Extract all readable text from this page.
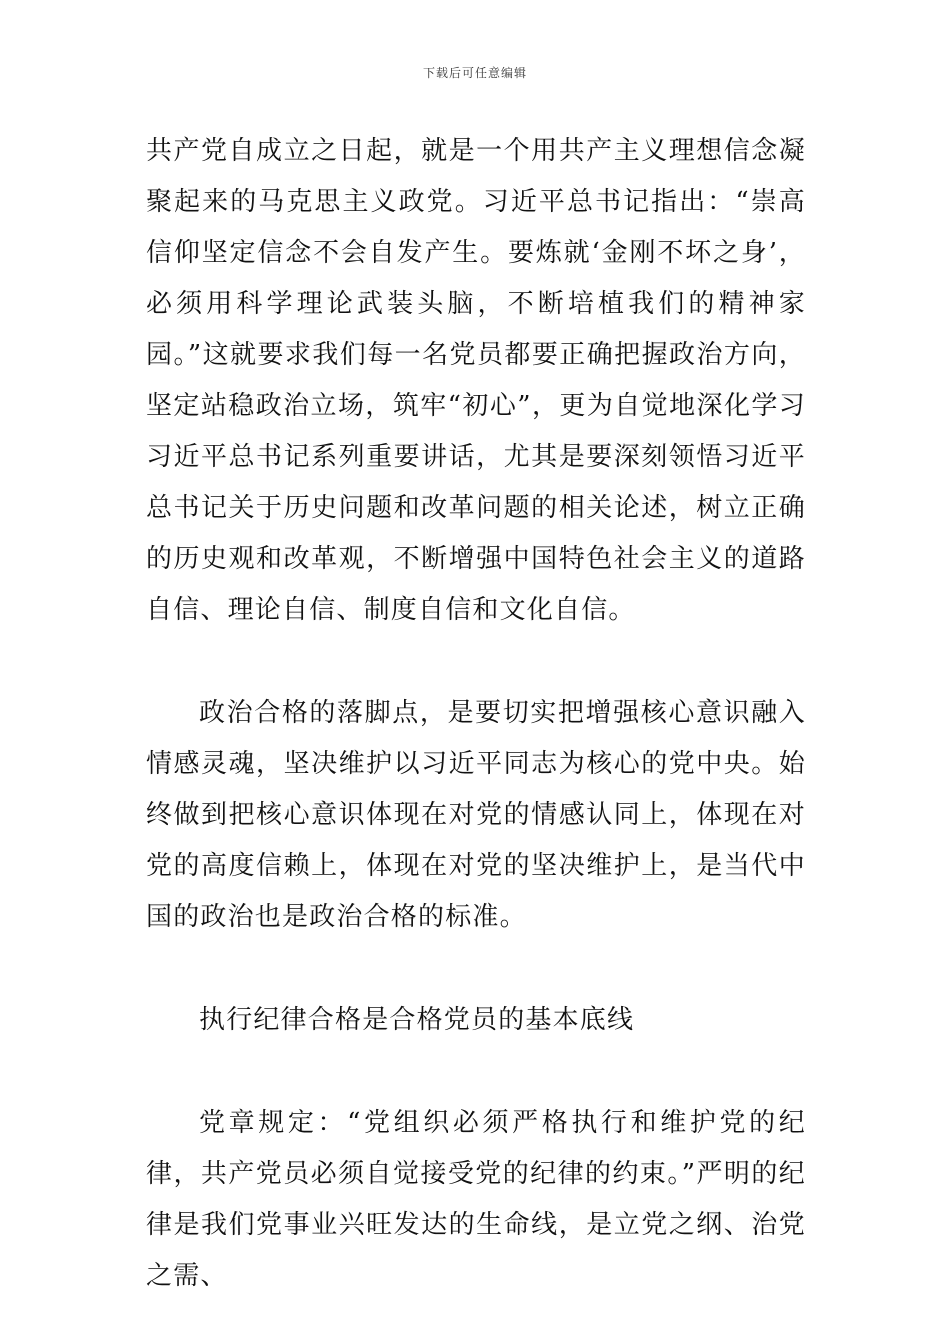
下载后可任意编辑

共产党自成立之日起，就是一个用共产主义理想信念凝聚起来的马克思主义政党。习近平总书记指出：“崇高信仰坚定信念不会自发产生。要炼就‘金刚不坏之身’，必须用科学理论武装头脑，不断培植我们的精神家园。”这就要求我们每一名党员都要正确把握政治方向，坚定站稳政治立场，筑牢“初心”，更为自觉地深化学习习近平总书记系列重要讲话，尤其是要深刻领悟习近平总书记关于历史问题和改革问题的相关论述，树立正确的历史观和改革观，不断增强中国特色社会主义的道路自信、理论自信、制度自信和文化自信。

政治合格的落脚点，是要切实把增强核心意识融入情感灵魂，坚决维护以习近平同志为核心的党中央。始终做到把核心意识体现在对党的情感认同上，体现在对党的高度信赖上，体现在对党的坚决维护上，是当代中国的政治也是政治合格的标准。

执行纪律合格是合格党员的基本底线

党章规定：“党组织必须严格执行和维护党的纪律，共产党员必须自觉接受党的纪律的约束。”严明的纪律是我们党事业兴旺发达的生命线，是立党之纲、治党之需、
